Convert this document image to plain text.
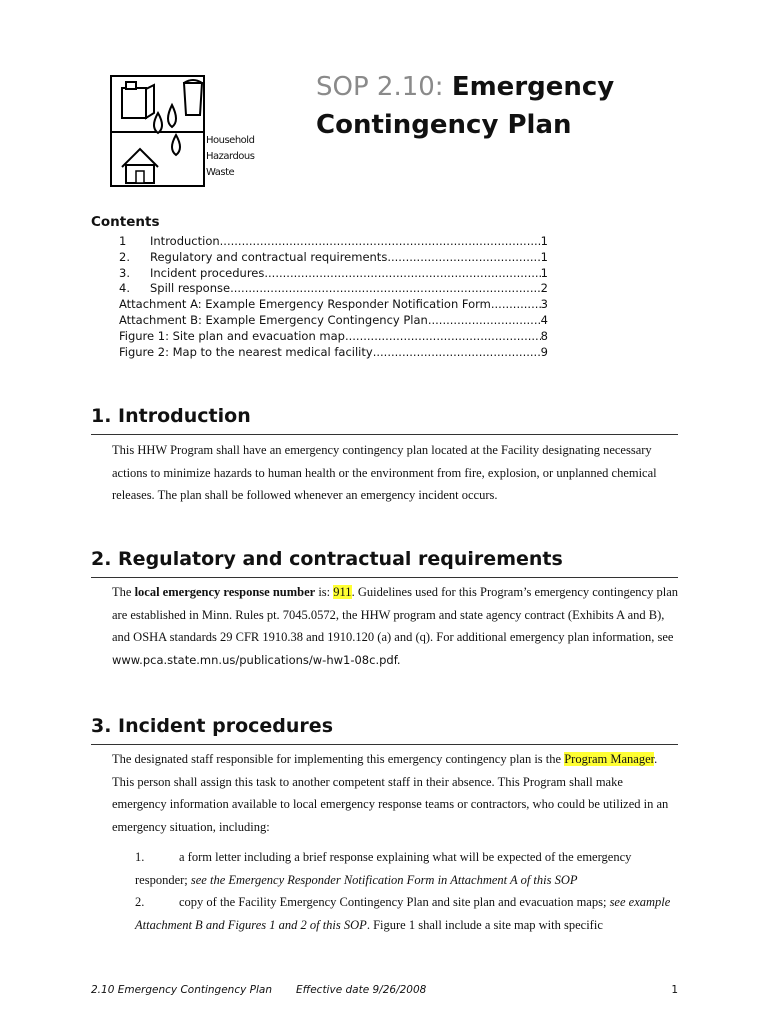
Household
Hazardous
Waste
SOP 2.10: Emergency
Contingency Plan
Contents
1	Introduction .....	1
2.	Regulatory and contractual requirements .....	1
3.	Incident procedures .....	1
4.	Spill response .....	2
Attachment A: Example Emergency Responder Notification Form .....	3
Attachment B: Example Emergency Contingency Plan .....	4
Figure 1: Site plan and evacuation map .....	8
Figure 2: Map to the nearest medical facility .....	9
1. Introduction
This HHW Program shall have an emergency contingency plan located at the Facility designating necessary actions to minimize hazards to human health or the environment from fire, explosion, or unplanned chemical releases. The plan shall be followed whenever an emergency incident occurs.
2. Regulatory and contractual requirements
The local emergency response number is: 911. Guidelines used for this Program’s emergency contingency plan are established in Minn. Rules pt. 7045.0572, the HHW program and state agency contract (Exhibits A and B), and OSHA standards 29 CFR 1910.38 and 1910.120 (a) and (q). For additional emergency plan information, see www.pca.state.mn.us/publications/w-hw1-08c.pdf.
3. Incident procedures
The designated staff responsible for implementing this emergency contingency plan is the Program Manager. This person shall assign this task to another competent staff in their absence. This Program shall make emergency information available to local emergency response teams or contractors, who could be utilized in an emergency situation, including:
1.	a form letter including a brief response explaining what will be expected of the emergency responder; see the Emergency Responder Notification Form in Attachment A of this SOP
2.	copy of the Facility Emergency Contingency Plan and site plan and evacuation maps; see example Attachment B and Figures 1 and 2 of this SOP. Figure 1 shall include a site map with specific
2.10 Emergency Contingency Plan Effective date 9/26/2008	1
